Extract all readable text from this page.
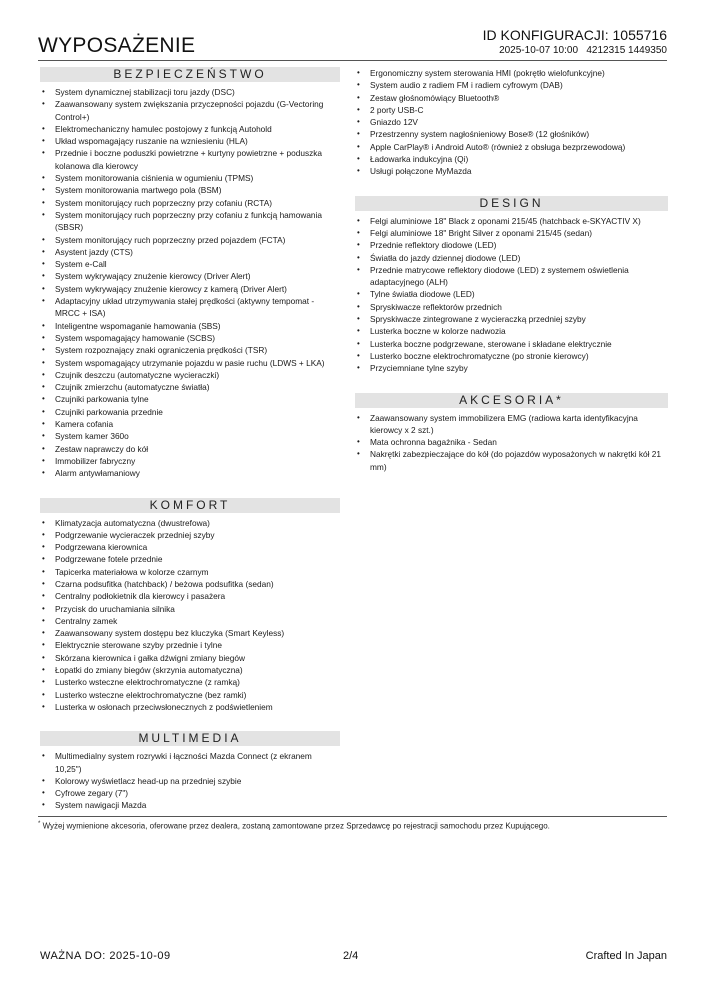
WYPOSAŻENIE	ID KONFIGURACJI: 1055716
2025-10-07 10:00   4212315 1449350
BEZPIECZEŃSTWO
• System dynamicznej stabilizacji toru jazdy (DSC)
• Zaawansowany system zwiększania przyczepności pojazdu (G-Vectoring Control+)
• Elektromechaniczny hamulec postojowy z funkcją Autohold
• Układ wspomagający ruszanie na wzniesieniu (HLA)
• Przednie i boczne poduszki powietrzne + kurtyny powietrzne + poduszka kolanowa dla kierowcy
• System monitorowania ciśnienia w ogumieniu (TPMS)
• System monitorowania martwego pola (BSM)
• System monitorujący ruch poprzeczny przy cofaniu (RCTA)
• System monitorujący ruch poprzeczny przy cofaniu z funkcją hamowania (SBSR)
• System monitorujący ruch poprzeczny przed pojazdem (FCTA)
• Asystent jazdy (CTS)
• System e-Call
• System wykrywający znużenie kierowcy (Driver Alert)
• System wykrywający znużenie kierowcy z kamerą (Driver Alert)
• Adaptacyjny układ utrzymywania stałej prędkości (aktywny tempomat - MRCC + ISA)
• Inteligentne wspomaganie hamowania (SBS)
• System wspomagający hamowanie (SCBS)
• System rozpoznający znaki ograniczenia prędkości (TSR)
• System wspomagający utrzymanie pojazdu w pasie ruchu (LDWS + LKA)
• Czujnik deszczu (automatyczne wycieraczki)
• Czujnik zmierzchu (automatyczne światła)
• Czujniki parkowania tylne
• Czujniki parkowania przednie
• Kamera cofania
• System kamer 360o
• Zestaw naprawczy do kół
• Immobilizer fabryczny
• Alarm antywłamaniowy
KOMFORT
• Klimatyzacja automatyczna (dwustrefowa)
• Podgrzewanie wycieraczek przedniej szyby
• Podgrzewana kierownica
• Podgrzewane fotele przednie
• Tapicerka materiałowa w kolorze czarnym
• Czarna podsufitka (hatchback) / beżowa podsufitka (sedan)
• Centralny podłokietnik dla kierowcy i pasażera
• Przycisk do uruchamiania silnika
• Centralny zamek
• Zaawansowany system dostępu bez kluczyka (Smart Keyless)
• Elektrycznie sterowane szyby przednie i tylne
• Skórzana kierownica i gałka dźwigni zmiany biegów
• Łopatki do zmiany biegów (skrzynia automatyczna)
• Lusterko wsteczne elektrochromatyczne (z ramką)
• Lusterko wsteczne elektrochromatyczne (bez ramki)
• Lusterka w osłonach przeciwsłonecznych z podświetleniem
MULTIMEDIA
• Multimedialny system rozrywki i łączności Mazda Connect (z ekranem 10,25")
• Kolorowy wyświetlacz head-up na przedniej szybie
• Cyfrowe zegary (7")
• System nawigacji Mazda
• Ergonomiczny system sterowania HMI (pokrętło wielofunkcyjne)
• System audio z radiem FM i radiem cyfrowym (DAB)
• Zestaw głośnomówiący Bluetooth®
• 2 porty USB-C
• Gniazdo 12V
• Przestrzenny system nagłośnieniowy Bose® (12 głośników)
• Apple CarPlay® i Android Auto® (również z obsługa bezprzewodową)
• Ładowarka indukcyjna (Qi)
• Usługi połączone MyMazda
DESIGN
• Felgi aluminiowe 18" Black z oponami 215/45 (hatchback e-SKYACTIV X)
• Felgi aluminiowe 18" Bright Silver z oponami 215/45 (sedan)
• Przednie reflektory diodowe (LED)
• Światła do jazdy dziennej diodowe (LED)
• Przednie matrycowe reflektory diodowe (LED) z systemem oświetlenia adaptacyjnego (ALH)
• Tylne światła diodowe (LED)
• Spryskiwacze reflektorów przednich
• Spryskiwacze zintegrowane z wycieraczką przedniej szyby
• Lusterka boczne w kolorze nadwozia
• Lusterka boczne podgrzewane, sterowane i składane elektrycznie
• Lusterko boczne elektrochromatyczne (po stronie kierowcy)
• Przyciemniane tylne szyby
AKCESORIA*
• Zaawansowany system immobilizera EMG (radiowa karta identyfikacyjna kierowcy x 2 szt.)
• Mata ochronna bagażnika - Sedan
• Nakrętki zabezpieczające do kół (do pojazdów wyposażonych w nakrętki kół 21 mm)
* Wyżej wymienione akcesoria, oferowane przez dealera, zostaną zamontowane przez Sprzedawcę po rejestracji samochodu przez Kupującego.
WAŻNA DO: 2025-10-09	2/4	Crafted In Japan
